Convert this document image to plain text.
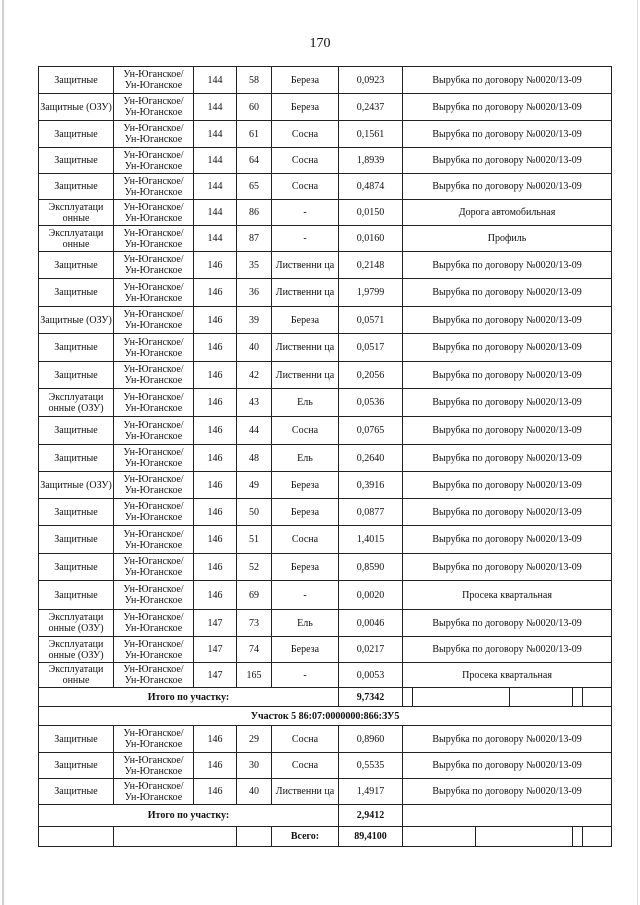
170
Защитные	Ун-Юганское/ Ун-Юганское	144	58	Береза	0,0923	Вырубка по договору №0020/13-09					
Защитные (ОЗУ)	Ун-Юганское/ Ун-Юганское	144	60	Береза	0,2437	Вырубка по договору №0020/13-09					
Защитные	Ун-Юганское/ Ун-Юганское	144	61	Сосна	0,1561	Вырубка по договору №0020/13-09					
Защитные	Ун-Юганское/ Ун-Юганское	144	64	Сосна	1,8939	Вырубка по договору №0020/13-09					
Защитные	Ун-Юганское/ Ун-Юганское	144	65	Сосна	0,4874	Вырубка по договору №0020/13-09					
Эксплуатаци онные	Ун-Юганское/ Ун-Юганское	144	86	-	0,0150	Дорога автомобильная					
Эксплуатаци онные	Ун-Юганское/ Ун-Юганское	144	87	-	0,0160	Профиль					
Защитные	Ун-Юганское/ Ун-Юганское	146	35	Лиственни ца	0,2148	Вырубка по договору №0020/13-09					
Защитные	Ун-Юганское/ Ун-Юганское	146	36	Лиственни ца	1,9799	Вырубка по договору №0020/13-09					
Защитные (ОЗУ)	Ун-Юганское/ Ун-Юганское	146	39	Береза	0,0571	Вырубка по договору №0020/13-09					
Защитные	Ун-Юганское/ Ун-Юганское	146	40	Лиственни ца	0,0517	Вырубка по договору №0020/13-09					
Защитные	Ун-Юганское/ Ун-Юганское	146	42	Лиственни ца	0,2056	Вырубка по договору №0020/13-09					
Эксплуатаци онные (ОЗУ)	Ун-Юганское/ Ун-Юганское	146	43	Ель	0,0536	Вырубка по договору №0020/13-09					
Защитные	Ун-Юганское/ Ун-Юганское	146	44	Сосна	0,0765	Вырубка по договору №0020/13-09					
Защитные	Ун-Юганское/ Ун-Юганское	146	48	Ель	0,2640	Вырубка по договору №0020/13-09					
Защитные (ОЗУ)	Ун-Юганское/ Ун-Юганское	146	49	Береза	0,3916	Вырубка по договору №0020/13-09					
Защитные	Ун-Юганское/ Ун-Юганское	146	50	Береза	0,0877	Вырубка по договору №0020/13-09					
Защитные	Ун-Юганское/ Ун-Юганское	146	51	Сосна	1,4015	Вырубка по договору №0020/13-09					
Защитные	Ун-Юганское/ Ун-Юганское	146	52	Береза	0,8590	Вырубка по договору №0020/13-09					
Защитные	Ун-Юганское/ Ун-Юганское	146	69	-	0,0020	Просека квартальная					
Эксплуатаци онные (ОЗУ)	Ун-Юганское/ Ун-Юганское	147	73	Ель	0,0046	Вырубка по договору №0020/13-09					
Эксплуатаци онные (ОЗУ)	Ун-Юганское/ Ун-Юганское	147	74	Береза	0,0217	Вырубка по договору №0020/13-09					
Эксплуатаци онные	Ун-Юганское/ Ун-Юганское	147	165	-	0,0053	Просека квартальная					
Итого по участку:					9,7342						
Участок 5 86:07:0000000:866:ЗУ5											
Защитные	Ун-Юганское/ Ун-Юганское	146	29	Сосна	0,8960	Вырубка по договору №0020/13-09					
Защитные	Ун-Юганское/ Ун-Юганское	146	30	Сосна	0,5535	Вырубка по договору №0020/13-09					
Защитные	Ун-Юганское/ Ун-Юганское	146	40	Лиственни ца	1,4917	Вырубка по договору №0020/13-09					
Итого по участку:					2,9412						
				Всего:	89,4100						
